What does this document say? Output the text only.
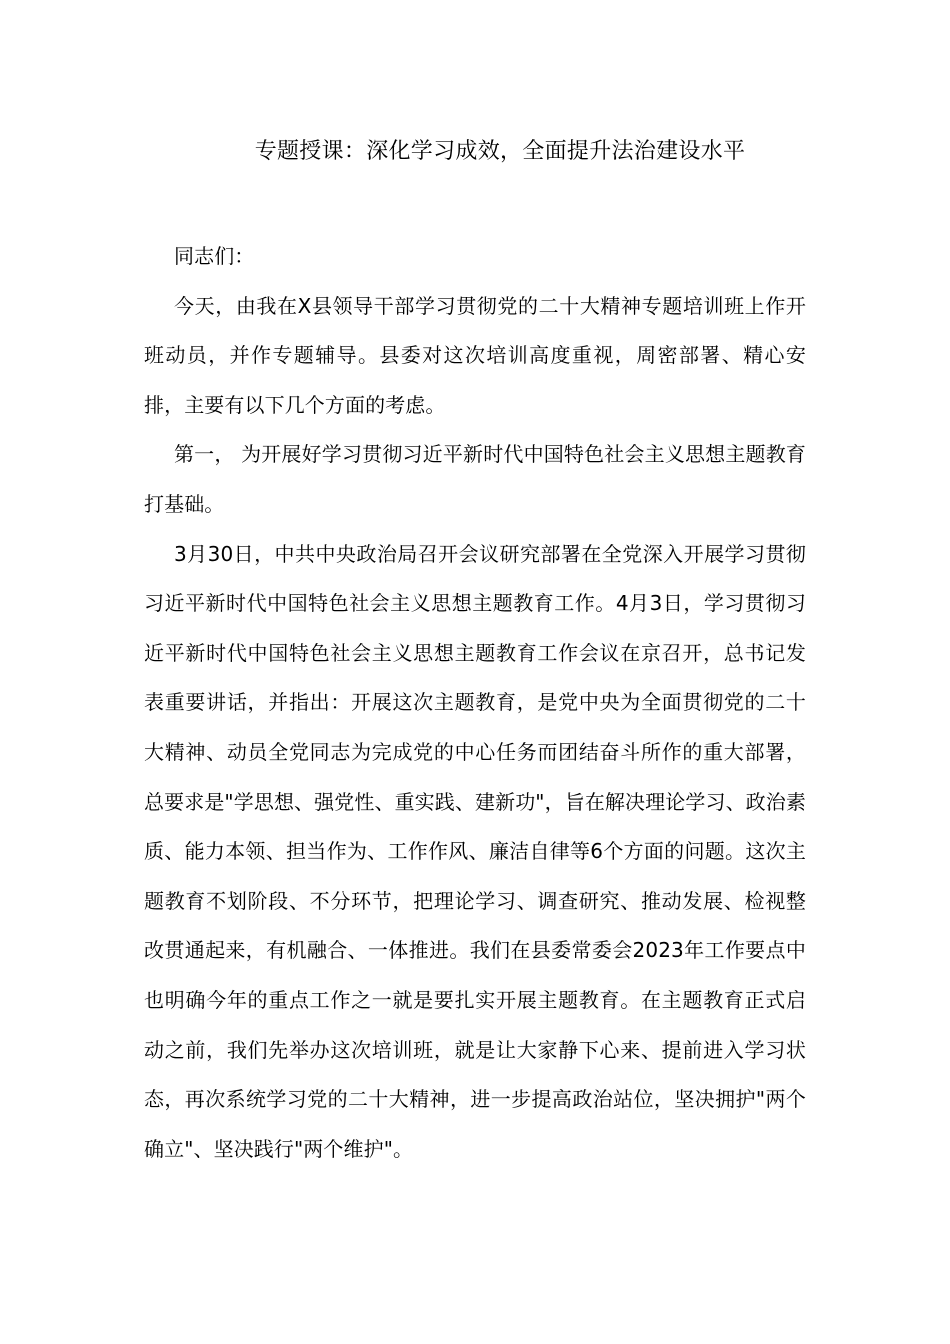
专题授课：深化学习成效，全面提升法治建设水平

同志们：

今天，由我在X县领导干部学习贯彻党的二十大精神专题培训班上作开班动员，并作专题辅导。县委对这次培训高度重视，周密部署、精心安排，主要有以下几个方面的考虑。

第一， 为开展好学习贯彻习近平新时代中国特色社会主义思想主题教育打基础。

3月30日，中共中央政治局召开会议研究部署在全党深入开展学习贯彻习近平新时代中国特色社会主义思想主题教育工作。4月3日，学习贯彻习近平新时代中国特色社会主义思想主题教育工作会议在京召开，总书记发表重要讲话，并指出：开展这次主题教育，是党中央为全面贯彻党的二十大精神、动员全党同志为完成党的中心任务而团结奋斗所作的重大部署，总要求是"学思想、强党性、重实践、建新功"，旨在解决理论学习、政治素质、能力本领、担当作为、工作作风、廉洁自律等6个方面的问题。这次主题教育不划阶段、不分环节，把理论学习、调查研究、推动发展、检视整改贯通起来，有机融合、一体推进。我们在县委常委会2023年工作要点中也明确今年的重点工作之一就是要扎实开展主题教育。在主题教育正式启动之前，我们先举办这次培训班，就是让大家静下心来、提前进入学习状态，再次系统学习党的二十大精神，进一步提高政治站位，坚决拥护"两个确立"、坚决践行"两个维护"。
